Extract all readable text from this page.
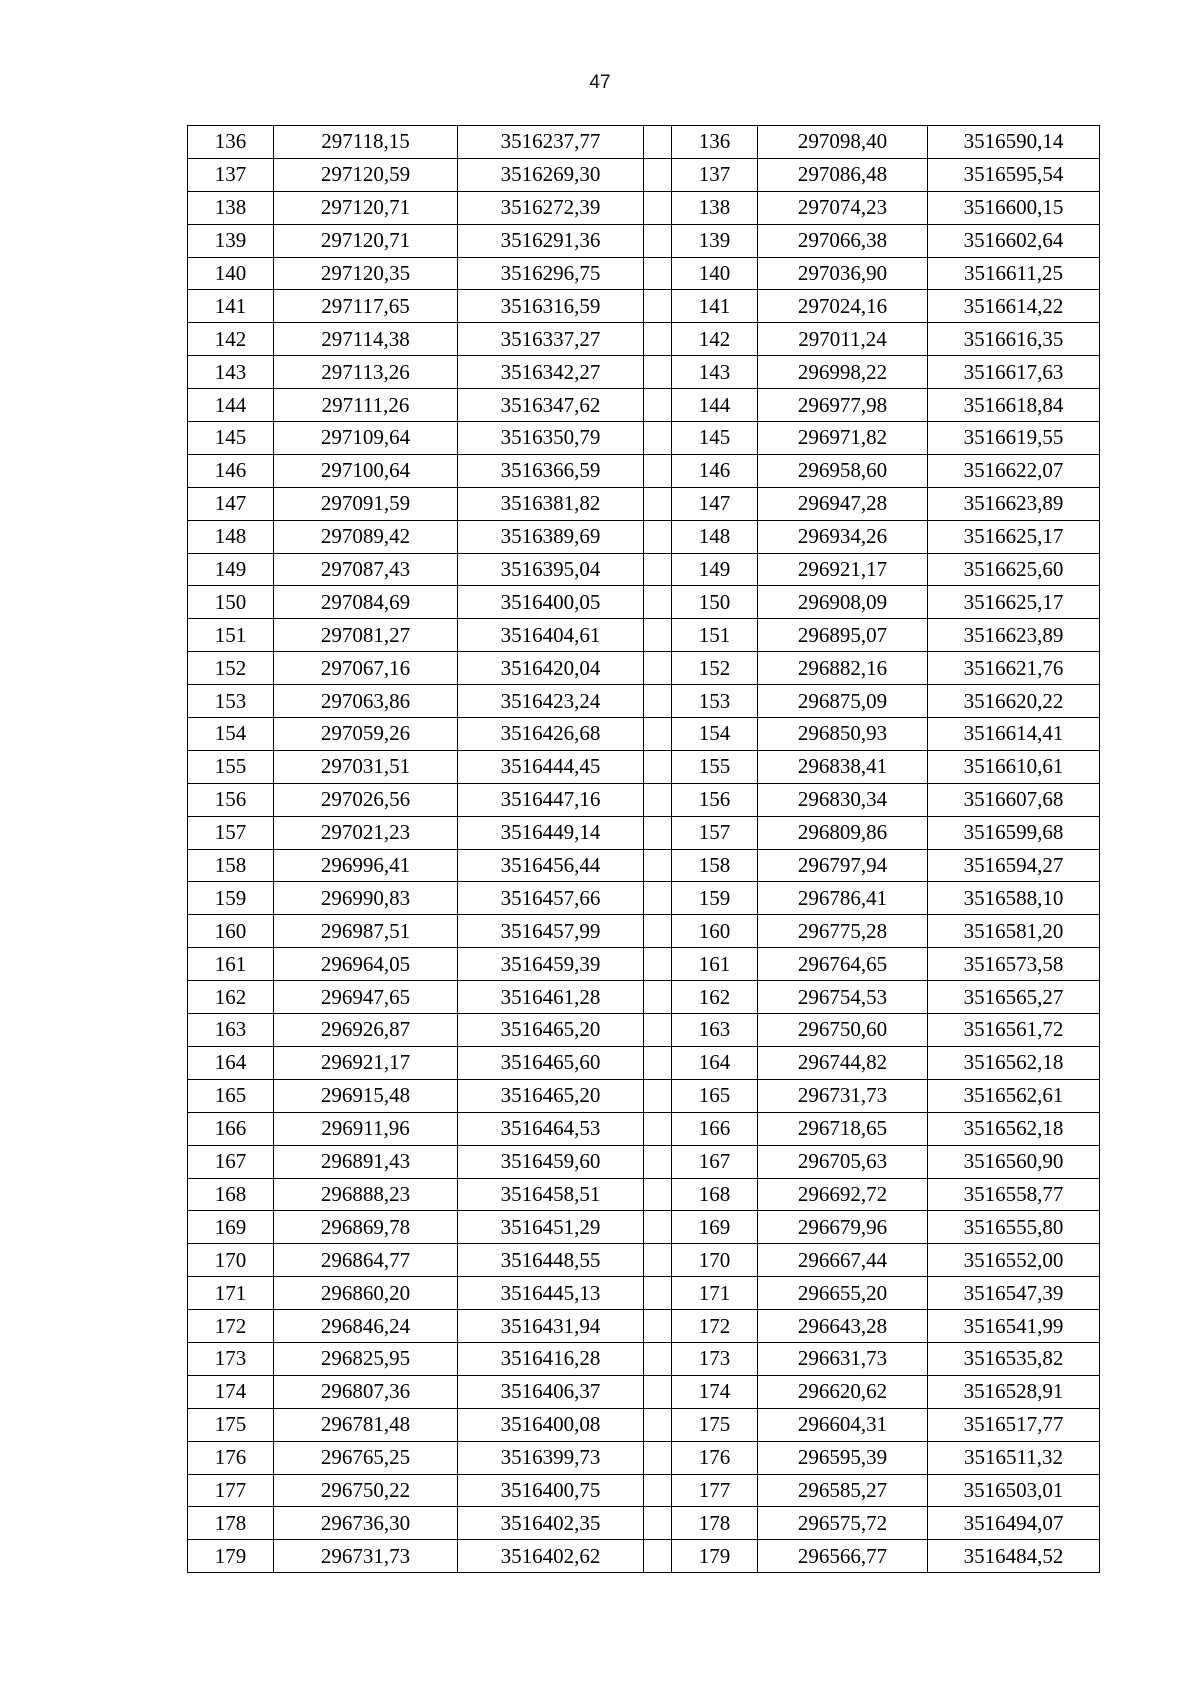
47
136	297118,15	3516237,77		136	297098,40	3516590,14
137	297120,59	3516269,30		137	297086,48	3516595,54
138	297120,71	3516272,39		138	297074,23	3516600,15
139	297120,71	3516291,36		139	297066,38	3516602,64
140	297120,35	3516296,75		140	297036,90	3516611,25
141	297117,65	3516316,59		141	297024,16	3516614,22
142	297114,38	3516337,27		142	297011,24	3516616,35
143	297113,26	3516342,27		143	296998,22	3516617,63
144	297111,26	3516347,62		144	296977,98	3516618,84
145	297109,64	3516350,79		145	296971,82	3516619,55
146	297100,64	3516366,59		146	296958,60	3516622,07
147	297091,59	3516381,82		147	296947,28	3516623,89
148	297089,42	3516389,69		148	296934,26	3516625,17
149	297087,43	3516395,04		149	296921,17	3516625,60
150	297084,69	3516400,05		150	296908,09	3516625,17
151	297081,27	3516404,61		151	296895,07	3516623,89
152	297067,16	3516420,04		152	296882,16	3516621,76
153	297063,86	3516423,24		153	296875,09	3516620,22
154	297059,26	3516426,68		154	296850,93	3516614,41
155	297031,51	3516444,45		155	296838,41	3516610,61
156	297026,56	3516447,16		156	296830,34	3516607,68
157	297021,23	3516449,14		157	296809,86	3516599,68
158	296996,41	3516456,44		158	296797,94	3516594,27
159	296990,83	3516457,66		159	296786,41	3516588,10
160	296987,51	3516457,99		160	296775,28	3516581,20
161	296964,05	3516459,39		161	296764,65	3516573,58
162	296947,65	3516461,28		162	296754,53	3516565,27
163	296926,87	3516465,20		163	296750,60	3516561,72
164	296921,17	3516465,60		164	296744,82	3516562,18
165	296915,48	3516465,20		165	296731,73	3516562,61
166	296911,96	3516464,53		166	296718,65	3516562,18
167	296891,43	3516459,60		167	296705,63	3516560,90
168	296888,23	3516458,51		168	296692,72	3516558,77
169	296869,78	3516451,29		169	296679,96	3516555,80
170	296864,77	3516448,55		170	296667,44	3516552,00
171	296860,20	3516445,13		171	296655,20	3516547,39
172	296846,24	3516431,94		172	296643,28	3516541,99
173	296825,95	3516416,28		173	296631,73	3516535,82
174	296807,36	3516406,37		174	296620,62	3516528,91
175	296781,48	3516400,08		175	296604,31	3516517,77
176	296765,25	3516399,73		176	296595,39	3516511,32
177	296750,22	3516400,75		177	296585,27	3516503,01
178	296736,30	3516402,35		178	296575,72	3516494,07
179	296731,73	3516402,62		179	296566,77	3516484,52
